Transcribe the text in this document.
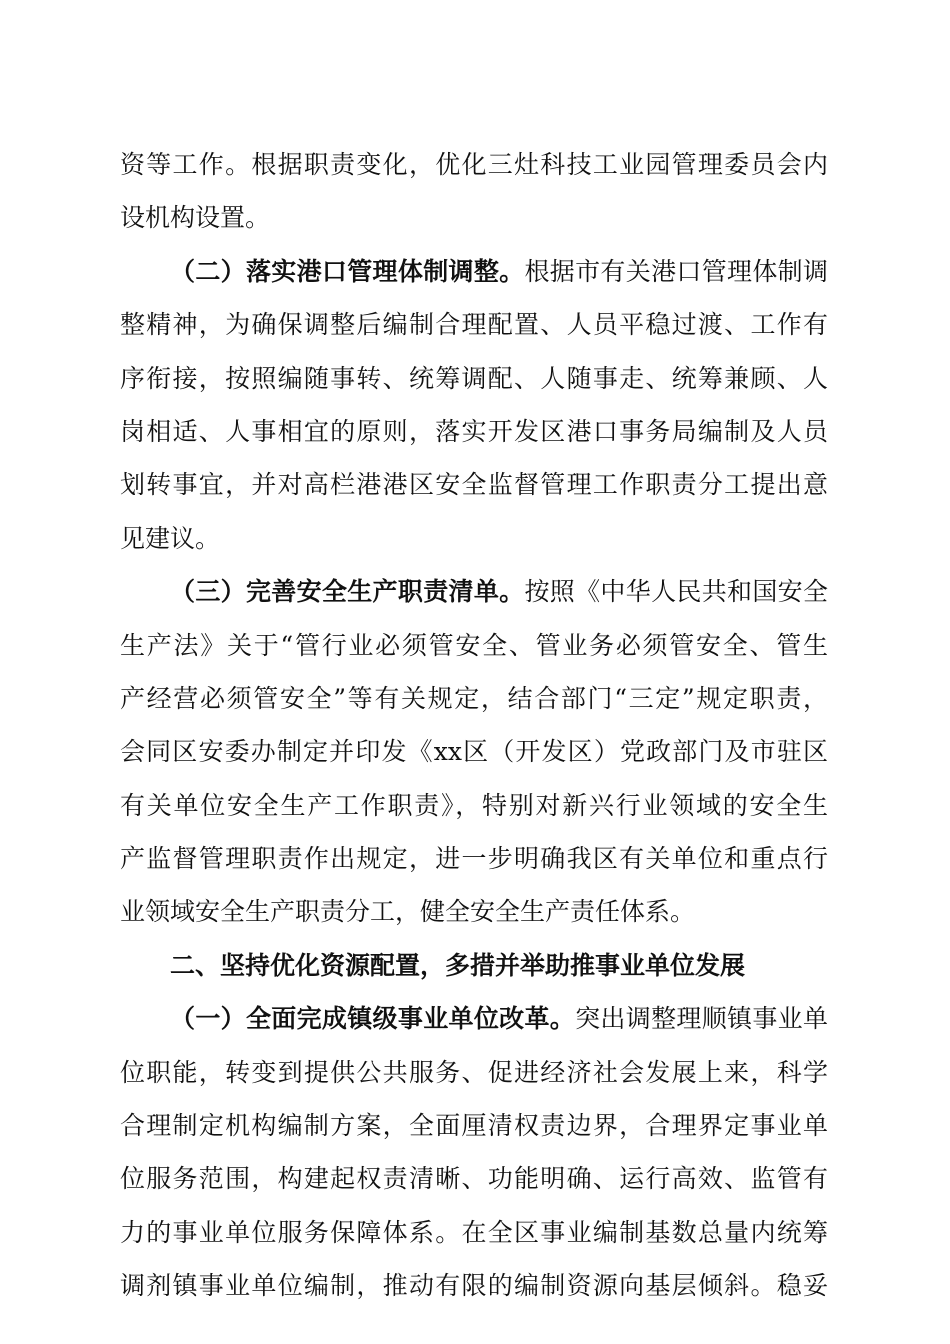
资等工作。根据职责变化，优化三灶科技工业园管理委员会内
设机构设置。
（二）落实港口管理体制调整。根据市有关港口管理体制调
整精神，为确保调整后编制合理配置、人员平稳过渡、工作有
序衔接，按照编随事转、统筹调配、人随事走、统筹兼顾、人
岗相适、人事相宜的原则，落实开发区港口事务局编制及人员
划转事宜，并对高栏港港区安全监督管理工作职责分工提出意
见建议。
（三）完善安全生产职责清单。按照《中华人民共和国安全
生产法》关于“管行业必须管安全、管业务必须管安全、管生
产经营必须管安全”等有关规定，结合部门“三定”规定职责，
会同区安委办制定并印发《xx区（开发区）党政部门及市驻区
有关单位安全生产工作职责》，特别对新兴行业领域的安全生
产监督管理职责作出规定，进一步明确我区有关单位和重点行
业领域安全生产职责分工，健全安全生产责任体系。
二、坚持优化资源配置，多措并举助推事业单位发展
（一）全面完成镇级事业单位改革。突出调整理顺镇事业单
位职能，转变到提供公共服务、促进经济社会发展上来，科学
合理制定机构编制方案，全面厘清权责边界，合理界定事业单
位服务范围，构建起权责清晰、功能明确、运行高效、监管有
力的事业单位服务保障体系。在全区事业编制基数总量内统筹
调剂镇事业单位编制，推动有限的编制资源向基层倾斜。稳妥
